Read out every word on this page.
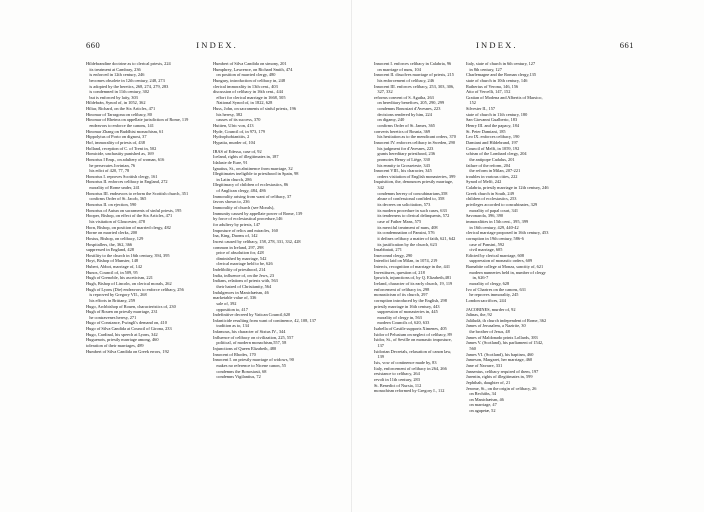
660	INDEX.
Hildebrandine doctrine as to clerical priests, 224
its treatment at Cambray, 236
is enforced in 12th century, 246
becomes obsolete in 12th century, 248, 273
is adopted by the heretics, 268, 274, 279, 283
is condemned in 11th century, 302
but is enforced by laity, 303
Hildebrán, Synod of, in 1052, 362
Hiltar, Richard, on the Six Articles, 471
Hincmar of Tarragona on celibacy, 80
Hincmar of Rheims on appellate jurisdiction of Rome, 119
endeavors to enforce the canons, 141
Hincmar Zhang on Buddhist monachism, 61
Hippolytus of Porto on dignost, 37
Hof, immorality of priests of, 438
Holland, reception of C. of Trent in, 502
Homicide, unchastity punished as, 169
Honorius I Emp., on adultery of woman, 616
he persecutes Jovinian, 76
his edict of 420, 77, 78
Honorius I. reproves Scottish clergy, 161
Honorius II. enforces celibacy in England, 272
morality of Rome under, 241
Honorius III. endeavors to reform the Scottish church, 351
confirms Order of St. Jacob, 365
Honorius II. on ejection, 590
Honorius of Autun on sacraments of sinful priests, 195
Hooper, Bishop, on effect of the Six Articles, 471
his visitation of Gloucester, 478
Horn, Bishop, on position of married clergy, 482
Horne on married clerks, 200
Hosius, Bishop, on celibacy, 129
Hospitallers, the, 362, 366
suppressed in England, 428
Hostility to the church in 16th century, 394, 395
Hoyt, Bishop of Munster, 148
Hubert, Abbot, marriage of, 142
Hunos, Council of, in 509, 95
Hugh of Grenoble, his asceticism, 221
Hugh, Bishop of Lincoln, on clerical morals, 262
Hugh of Lyons (Die) endeavors to enforce celibacy, 256
is reproved by Gregory VII., 268
his efforts in Brittany, 259
Hugo, Archbishop of Rouen, characteristics of, 230
Hugh of Rouen on priestly marriage, 231
he contravenes heresy, 271
Hugo of Constance, Fwingli's demand on, 410
Hugo of Silva Candida at Council of Girona, 233
Hugo, Cardinal, his speech at Lyons, 342
Huguenots, priestly marriage among, 460
toleration of their marriages, 489
Humbert of Silva Candida on Greek errors, 192
Humbert of Silva Candida on simony, 201
Humphrey, Lawrence, on Richard Smith, 474
on position of married clergy, 480
Hungary, introduction of celibacy in, 248
clerical immorality in 13th cent., 403
discussion of celibacy in 16th cent., 444
effort for clerical marriage in 1668, 505
National Synod of, in 1822, 628
Huss, John, on sacraments of sinful priests, 196
his heresy, 382
causes of its success, 370
Huttten, Ulric von, 413
Hyde, Council of, in 973, 179
Hydrophobianitits, 2
Hypatia, murder of, 104
IBAS of Edessa, case of, 92
Iceland, rights of illegitimates in, 187
Idalaste de Eure, 91
Ignatius, St., on abstinence from marriage, 32
Illegitimates ineligible to priesthood in Spain, 98
in Latin church, 286
Illegitimacy of children of ecclesiastics, 86
of Anglican clergy, 484, 486
Immorality arising from want of celibacy, 37
favors shown to, 236
Immorality of church (see Morals),
Immunity caused by appellate power of Rome, 139
by force of ecclesiastical procedure,146
for adultery by priests, 147
Imposture of relics and miracles, 160
Ina, King, Duoms of, 142
Incest caused by celibacy, 158, 278, 331, 332, 428
common in Ireland, 297, 298
price of absolution for, 428
diminished by marriage, 542
clerical marriage held to be, 626
Indelibility of priesthood, 214
India, influence of, on the Jews, 23
Indians, relations of priests with, 563
their hatred of Christianity, 564
Indulgences in Manichæism, 46
marketable value of, 336
sale of, 392
opposition to, 417
Indefinitive decreed by Vatican Council,620
Infanticide resulting from want of continence, 42, 108, 137
tradition as to, 134
Infamous, his character of Sixtus IV., 344
Influence of celibacy on civilization, 225, 557
political, of modern monachism,557, 58
Injunctions of Queen Elizabeth, 480
Innocent of Rhodes, 170
Innocent I. on priestly marriage of widows, 90
makes no reference to Nicene canon, 55
condemns the Bonosiasti, 68
condemns Vigilantius, 72
661
INDEX.
Innocent I. enforces celibacy in Calabria, 96
on marriage of nuns, 104
Innocent II. dissolves marriage of priests, 215
his enforcement of celibacy, 246
Innocent III. enforces celibacy, 253, 303, 306, 327, 332
reforms convent of S. Agatha, 263
on hereditary benefices, 205, 290, 299
condemns Bonosiari d'Avesnes, 223
decisions rendered by him, 224
on digamy, 240
confirms Order of St. James, 365
converts heretics of Bosnia, 369
his hesitation as to the mendicant orders, 370
Innocent IV. enforces celibacy in Sweden, 290
his judgment for d'Avesnes, 223
grants hereditary priesthood, 236
promotes Henry of Liège, 330
his enmity to Grosseteste, 343
Innocent VIII., his character, 345
orders visitation of English monasteries, 399
Inquisition, the, denounces priestly marriage, 342
condemns heresy of concubinarians,358
abuse of confessional confided to, 358
its decrees on solicitation, 573
its modern procedure in such cases, 633
its tenderness to clerical delinquents, 572
case of Father Mans, 575
its merciful treatment of nuns, 408
its condemnation of Pansini, 576
it defines celibacy a matter of faith, 621, 642
its justification by the church, 623
Insabbatati, 271
Inseconnd clergy, 290
Interdict laid on Milan, in 1074, 219
Intercis, recognition of marriage in the, 441
Investitures, question of, 218
Ipswich, injunctions of, by Q. Elizabeth,481
Ireland, character of its early church, 19, 119
enforcement of celibacy in, 298
monasticism of its church, 297
corruption introduced by the English, 298
priestly marriage in 16th century, 443
suppression of monasteries in, 445
morality of clergy in, 563
modern Councils of, 620, 633
Isabella of Castile supports Ximenes, 405
Isidor of Pelusium on neglect of celibacy, 89
Isidor, St., of Seville on monastic imposture, 137
Isidorian Decretals, relaxation of canon law, 139
Isis, vow of continence made by, 83
Italy, enforcement of celibacy in 264, 266
resistance to celibacy, 264
revolt in 11th century, 283
St. Benedict of Nursia, 112
monachism reformed by Gregory I., 112
Italy, state of church in 6th century, 127
in 8th century, 127
Charlemagne and the Roman clergy,135
state of church in 10th century, 146
Ratherius of Verona, 146, 156
Atto of Vercelli, 147, 152
Gratian of Modena and Albertis of Marsico, 152
Silvester II., 157
state of church in 11th century, 180
San Giovanni Gualberto, 183
Henry III. and the papacy, 184
St. Peter Damiani, 185
Leo IX. enforces celibacy, 190
Damiani and Hildebrand, 197
Council of Melfi, in 1059, 192
schism of the Lombard clergy, 204
the antipope Cadalus, 201
failure of the reform, 204
the reform in Milan, 207-221
troubles in various cities, 222
Synod of Melfi, 242
Calabria, priestly marriage in 12th century, 246
Greek church in South, 249
children of ecclesiastics, 253
privileges accorded to concubinates, 329
morality of papal court, 341
Savonarola, 396, 390
immoralities in 15th cent., 395, 399
in 16th century, 429, 440-42
clerical marriage proposed in 16th century, 453
corruption in 19th century, 586-6
case of Pansini, 592
civil marriage, 605
Edicted by clerical marriage, 608
suppression of monastic orders, 609
Barnabite college at Monza, sanctity of, 621
modern nunneries held in, number of clergy in, 626-7
morality of clergy, 628
Ivo of Chartres on the canons, 631
he reproves immorality, 245
London sacrifices, 244
JACOBINES, murder of, 92
Jalinas, the, 92
Jaláludá, th church independent of Rome, 362
James of Jerusalem, a Nazirite, 30
the brother of Jesus, 48
James of Maldonado prints Lollards, 383
James V. (Scotland), his parliament of 1542, 560
James VI. (Scotland), his baptism, 460
Jameson, Margaret, her marriage, 460
Jane of Navarre, 331
Jansenius, celibacy required of them, 197
Jarentin, rights of illegitimates in, 599
Jephthah, daughter of, 21
Jerome, St., on the origin of celibacy, 26
on Rechábs, 34
on Manichæism, 46
on marriage, 47
on agapetæ, 52
